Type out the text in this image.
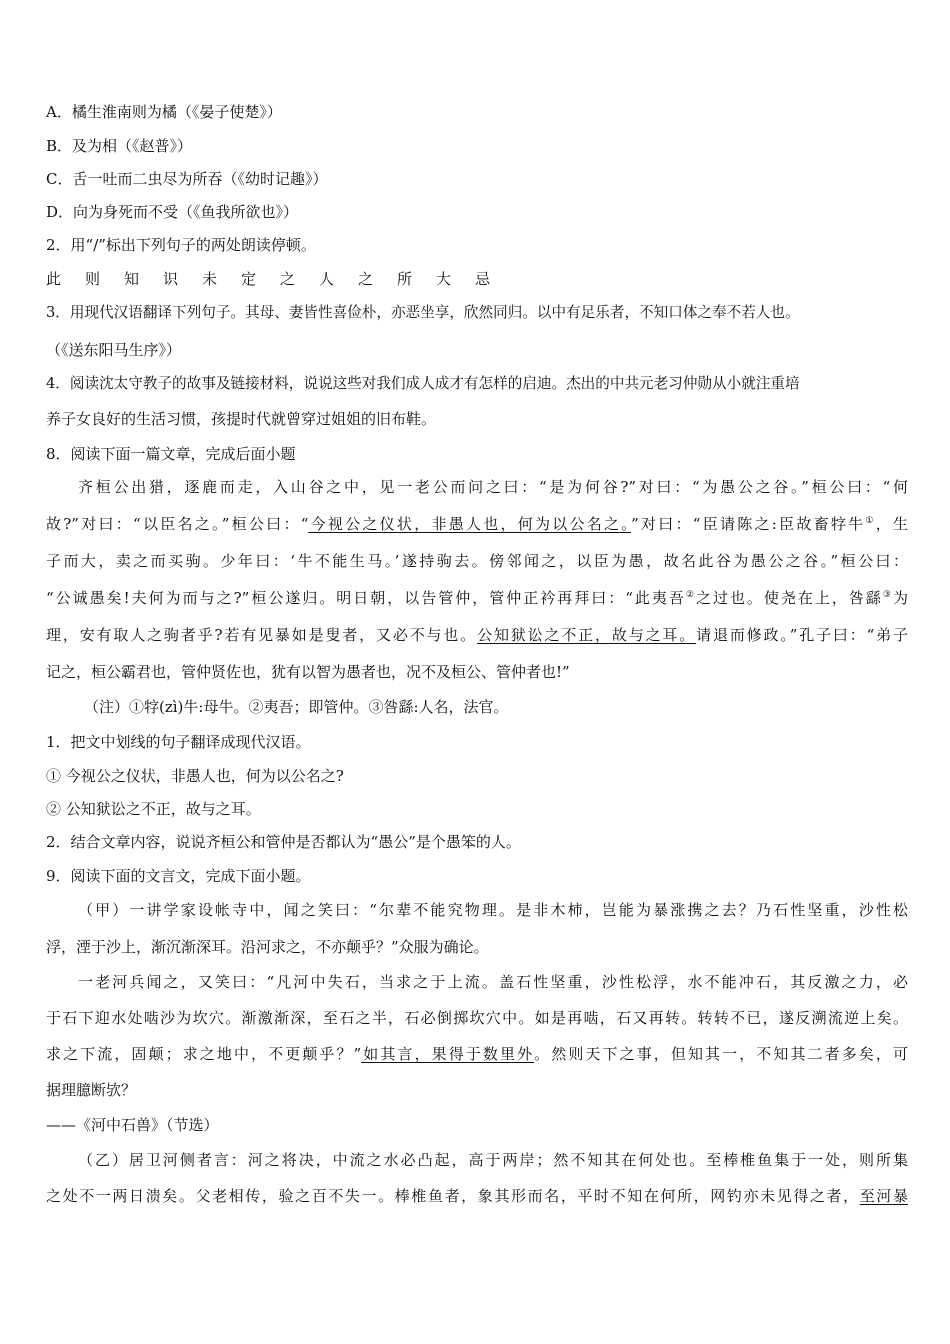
A．橘生淮南则为橘（《晏子使楚》）
B．及为相（《赵普》）
C．舌一吐而二虫尽为所吞（《幼时记趣》）
D．向为身死而不受（《鱼我所欲也》）
2．用“/”标出下列句子的两处朗读停顿。
此则知识未定之人之所大忌
3．用现代汉语翻译下列句子。其母、妻皆性喜俭朴，亦恶坐享，欣然同归。以中有足乐者，不知口体之奉不若人也。
（《送东阳马生序》）
4．阅读沈太守教子的故事及链接材料，说说这些对我们成人成才有怎样的启迪。杰出的中共元老习仲勋从小就注重培
养子女良好的生活习惯，孩提时代就曾穿过姐姐的旧布鞋。
8．阅读下面一篇文章，完成后面小题
齐桓公出猎，逐鹿而走，入山谷之中，见一老公而问之曰：“是为何谷?”对曰：“为愚公之谷。”桓公曰：“何
故?”对曰：“以臣名之。”桓公曰：“今视公之仪状，非愚人也，何为以公名之。”对曰：“臣请陈之:臣故畜牸牛①，生
子而大，卖之而买驹。少年曰：‘牛不能生马。’遂持驹去。傍邻闻之，以臣为愚，故名此谷为愚公之谷。”桓公曰：
“公诚愚矣!夫何为而与之?”桓公遂归。明日朝，以告管仲，管仲正衿再拜曰：“此夷吾②之过也。使尧在上，咎繇③为
理，安有取人之驹者乎?若有见暴如是叟者，又必不与也。公知狱讼之不正，故与之耳。请退而修政。”孔子曰：“弟子
记之，桓公霸君也，管仲贤佐也，犹有以智为愚者也，况不及桓公、管仲者也!”
（注）①牸(zì)牛:母牛。②夷吾；即管仲。③咎繇:人名，法官。
1．把文中划线的句子翻译成现代汉语。
① 今视公之仪状，非愚人也，何为以公名之?
② 公知狱讼之不正，故与之耳。
2．结合文章内容，说说齐桓公和管仲是否都认为“愚公”是个愚笨的人。
9．阅读下面的文言文，完成下面小题。
（甲）一讲学家设帐寺中，闻之笑曰：“尔辈不能究物理。是非木柿，岂能为暴涨携之去？乃石性坚重，沙性松
浮，湮于沙上，渐沉渐深耳。沿河求之，不亦颠乎？”众服为确论。
一老河兵闻之，又笑曰：“凡河中失石，当求之于上流。盖石性坚重，沙性松浮，水不能冲石，其反激之力，必
于石下迎水处啮沙为坎穴。渐激渐深，至石之半，石必倒掷坎穴中。如是再啮，石又再转。转转不已，遂反溯流逆上矣。
求之下流，固颠；求之地中，不更颠乎？”如其言，果得于数里外。然则天下之事，但知其一，不知其二者多矣，可
据理臆断欤？
——《河中石兽》（节选）
（乙）居卫河侧者言：河之将决，中流之水必凸起，高于两岸；然不知其在何处也。至棒椎鱼集于一处，则所集
之处不一两日溃矣。父老相传，验之百不失一。棒椎鱼者，象其形而名，平时不知在何所，网钓亦未见得之者，至河暴
